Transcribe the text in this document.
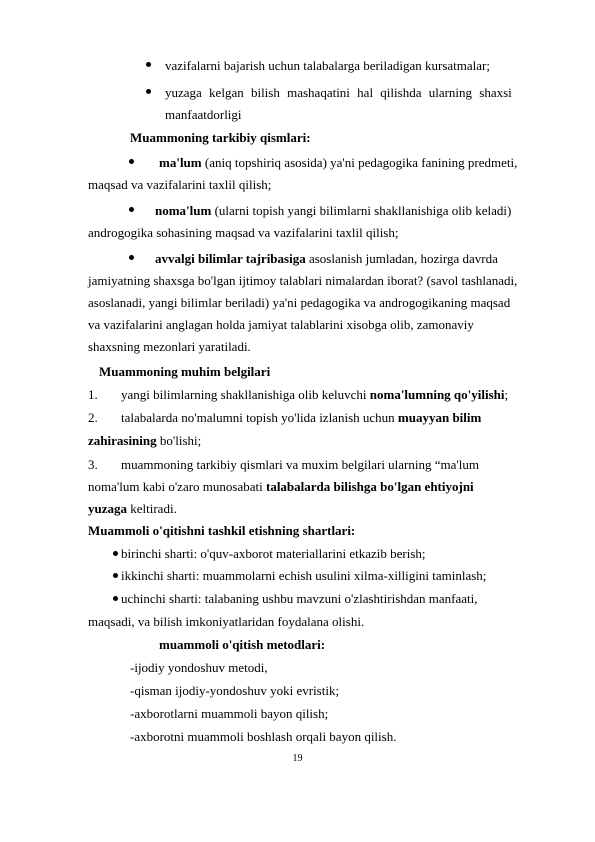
vazifalarni bajarish uchun talabalarga beriladigan kursatmalar;
yuzaga kelgan bilish mashaqatini hal qilishda ularning shaxsi
manfaatdorligi
Muammoning tarkibiy qismlari:
ma'lum (aniq topshiriq asosida) ya'ni pedagogika fanining predmeti,
maqsad va vazifalarini taxlil qilish;
noma'lum (ularni topish yangi bilimlarni shakllanishiga olib keladi)
androgogika sohasining maqsad va vazifalarini taxlil qilish;
avvalgi bilimlar tajribasiga asoslanish jumladan, hozirga davrda
jamiyatning shaxsga bo'lgan ijtimoy talablari nimalardan iborat? (savol tashlanadi,
asoslanadi, yangi bilimlar beriladi) ya'ni pedagogika va androgogikaning maqsad
va vazifalarini anglagan holda jamiyat talablarini xisobga olib, zamonaviy
shaxsning mezonlari yaratiladi.
Muammoning muhim belgilari
1. yangi bilimlarning shakllanishiga olib keluvchi noma'lumning qo'yilishi;
2. talabalarda no'malumni topish yo'lida izlanish uchun muayyan bilim
zahirasining bo'lishi;
3. muammoning tarkibiy qismlari va muxim belgilari ularning “ma'lum
noma'lum kabi o'zaro munosabati talabalarda bilishga bo'lgan ehtiyojni
yuzaga keltiradi.
Muammoli o'qitishni tashkil etishning shartlari:
birinchi sharti: o'quv-axborot materiallarini etkazib berish;
ikkinchi sharti: muammolarni echish usulini xilma-xilligini taminlash;
uchinchi sharti: talabaning ushbu mavzuni o'zlashtirishdan manfaati,
maqsadi, va bilish imkoniyatlaridan foydalana olishi.
muammoli o'qitish metodlari:
-ijodiy yondoshuv metodi,
-qisman ijodiy-yondoshuv yoki evristik;
-axborotlarni muammoli bayon qilish;
-axborotni muammoli boshlash orqali bayon qilish.
19
